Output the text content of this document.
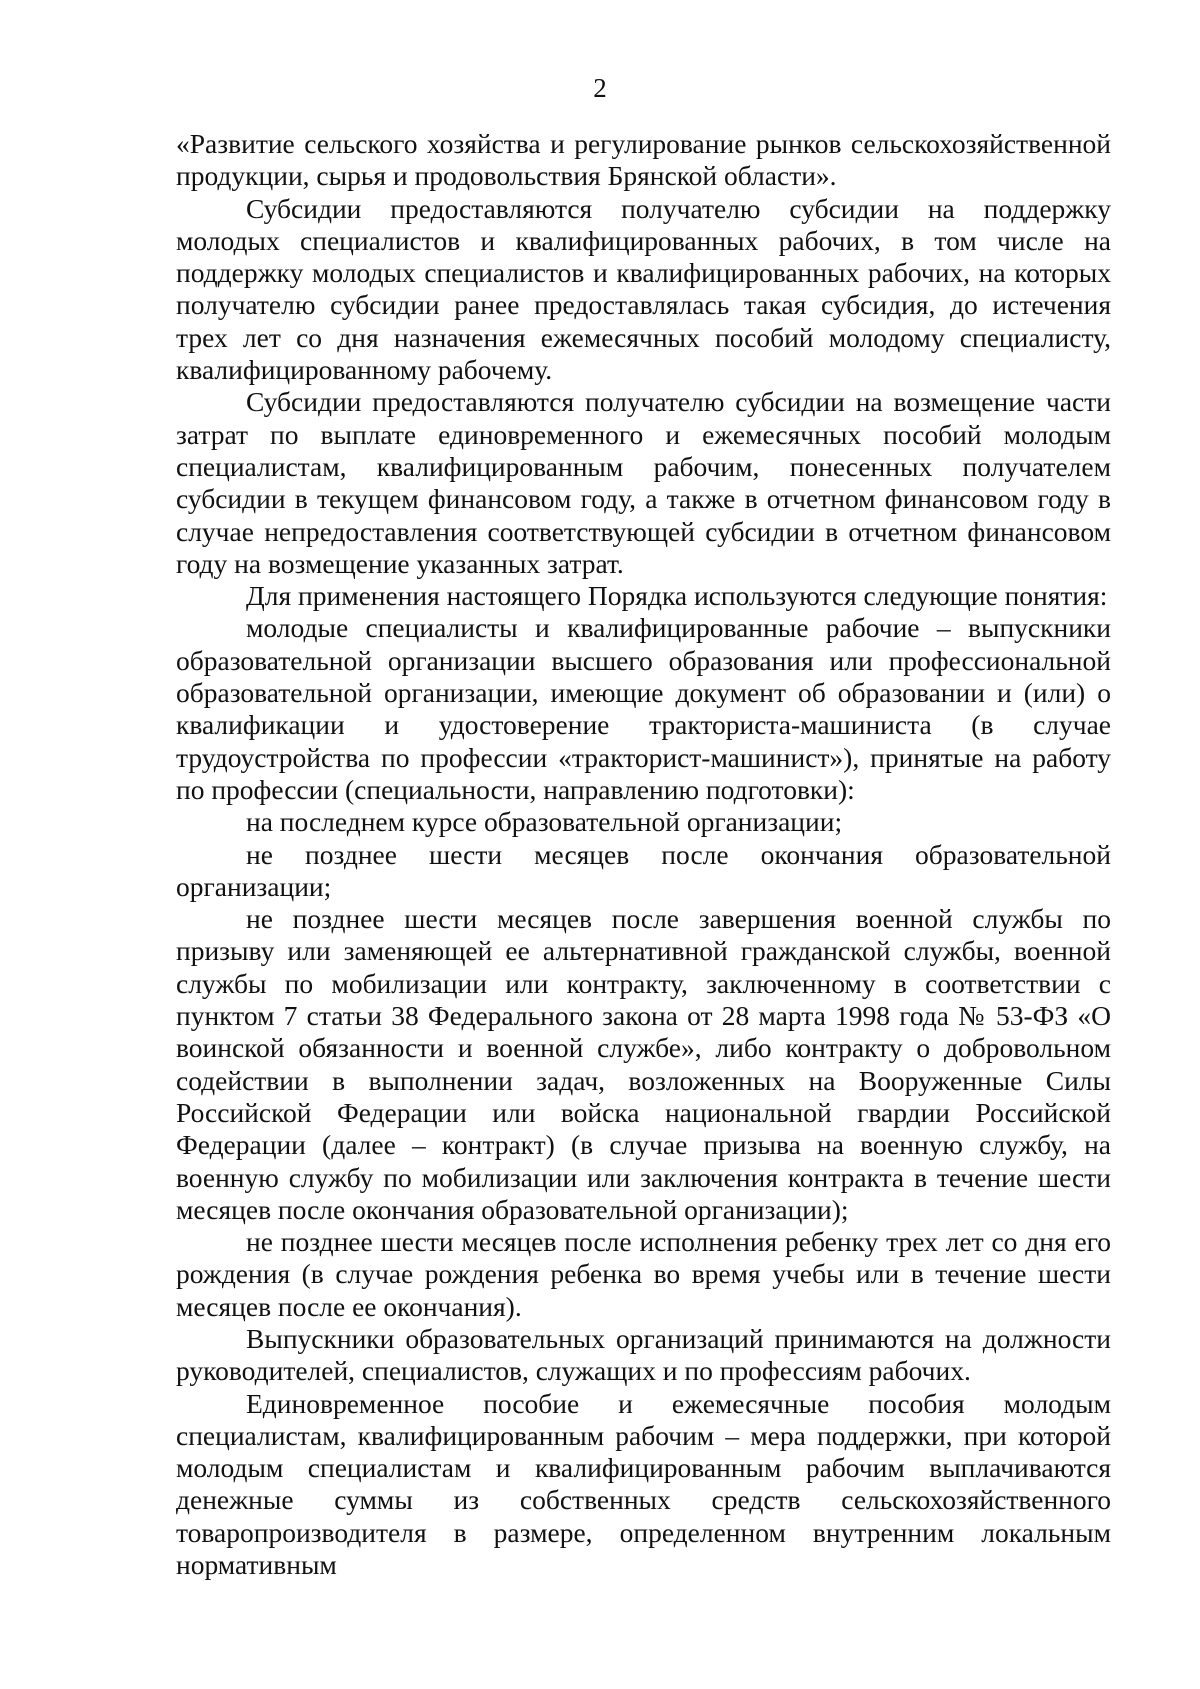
2

«Развитие сельского хозяйства и регулирование рынков сельскохозяйственной продукции, сырья и продовольствия Брянской области».

Субсидии предоставляются получателю субсидии на поддержку молодых специалистов и квалифицированных рабочих, в том числе на поддержку молодых специалистов и квалифицированных рабочих, на которых получателю субсидии ранее предоставлялась такая субсидия, до истечения трех лет со дня назначения ежемесячных пособий молодому специалисту, квалифицированному рабочему.

Субсидии предоставляются получателю субсидии на возмещение части затрат по выплате единовременного и ежемесячных пособий молодым специалистам, квалифицированным рабочим, понесенных получателем субсидии в текущем финансовом году, а также в отчетном финансовом году в случае непредоставления соответствующей субсидии в отчетном финансовом году на возмещение указанных затрат.

Для применения настоящего Порядка используются следующие понятия:

молодые специалисты и квалифицированные рабочие – выпускники образовательной организации высшего образования или профессиональной образовательной организации, имеющие документ об образовании и (или) о квалификации и удостоверение тракториста-машиниста (в случае трудоустройства по профессии «тракторист-машинист»), принятые на работу по профессии (специальности, направлению подготовки):

на последнем курсе образовательной организации;

не позднее шести месяцев после окончания образовательной организации;

не позднее шести месяцев после завершения военной службы по призыву или заменяющей ее альтернативной гражданской службы, военной службы по мобилизации или контракту, заключенному в соответствии с пунктом 7 статьи 38 Федерального закона от 28 марта 1998 года № 53-ФЗ «О воинской обязанности и военной службе», либо контракту о добровольном содействии в выполнении задач, возложенных на Вооруженные Силы Российской Федерации или войска национальной гвардии Российской Федерации (далее – контракт) (в случае призыва на военную службу, на военную службу по мобилизации или заключения контракта в течение шести месяцев после окончания образовательной организации);

не позднее шести месяцев после исполнения ребенку трех лет со дня его рождения (в случае рождения ребенка во время учебы или в течение шести месяцев после ее окончания).

Выпускники образовательных организаций принимаются на должности руководителей, специалистов, служащих и по профессиям рабочих.

Единовременное пособие и ежемесячные пособия молодым специалистам, квалифицированным рабочим – мера поддержки, при которой молодым специалистам и квалифицированным рабочим выплачиваются денежные суммы из собственных средств сельскохозяйственного товаропроизводителя в размере, определенном внутренним локальным нормативным
